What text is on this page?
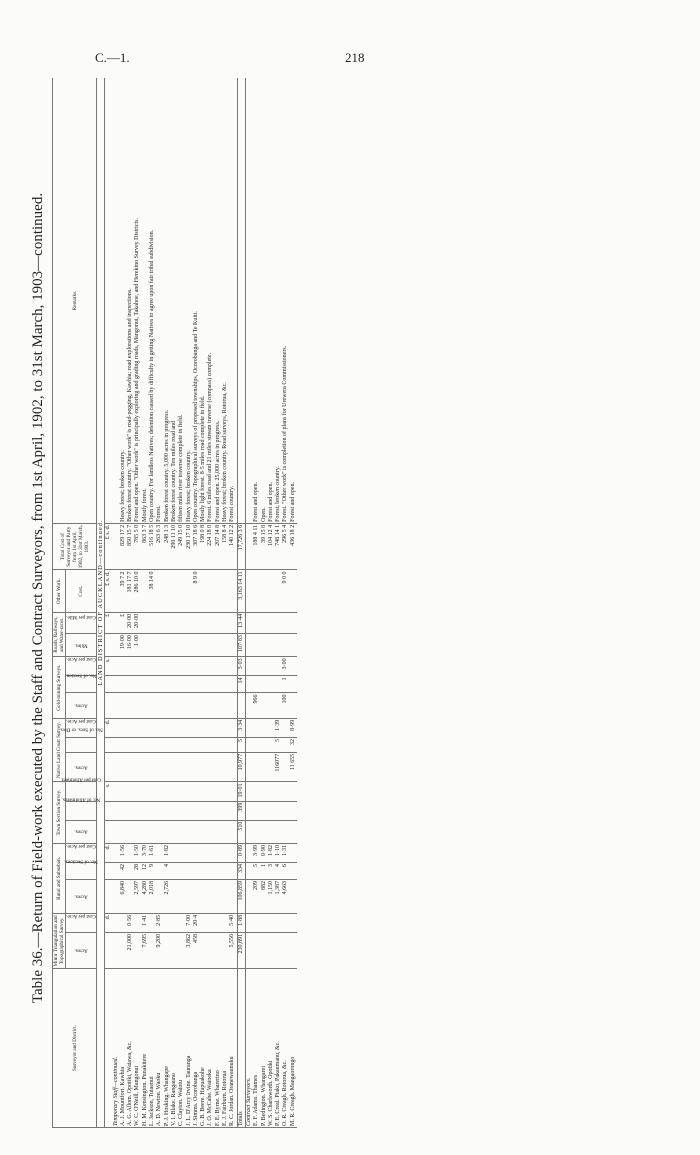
C.—1.	218
Table 36.—Return of Field-work executed by the Staff and Contract Surveyors, from 1st April, 1902, to 31st March, 1903—continued.
Surveyor and District.	Minor Triangulation and Topographical Survey.		Rural and Suburban.			Town Section Survey.			Native Land Court Survey.			Gold-mining Surveys.			Roads, Railways, and Water-races.		Other Work.	Total Cost of Surveyor and Party from 1st April, 1902, to 31st March, 1903.	Remarks.
	Acres.	Cost per Acre.	Acres.	No. of Sections.	Cost per Acre.	Acres.	No. of Allotments.	Cost per Allotment.	Acres.	No. of Secs. or Divs.	Cost per Acre.	Acres.	No. of Section.	Cost per Acre.	Miles.	Cost per Mile.	Cost.		
LAND DISTRICT OF AUCKLAND—continued.																			
		d.			d.			s.			d.			s.		£	£ s. d.	£ s. d.	
Temporary Staff—continued.																			
A. J. Mountfort. Kawhia			6,840	42	1·56										19·00	£	39 7 2	829 17 2	Heavy forest; broken country.
A. G. Allom. Opotiki, Waiawa, &c.	21,000	0·56													16·00	20·00	181 17 7	850 15 7	Broken forest country. "Other work" is road-pegging, Kawhia; road explorations and inspections.
W. C. O'Neill. Mangonui			2,597	28	1·50										1·00	20·00	286 10 0	785 5 0	Forest and open. "Other work" is principally exploring and grading roads, Mangonui, Takahoe, and Herekino Survey Districts.
H. M. Kensington. Punakitere	7,695	1·41	4,280	12	3·70													863 3 7	Mostly forest.
L. Jackson, Tutaenui			2,018	9	1·61												38 14 0	516 18 5	Open country. For landless Natives; detention caused by difficulty in getting Natives to agree upon fair tribal subdivision.
A. D. Newton. Waoku	9,200	2·85																263 6 3	Forest.
P. J. Hosking. Whangape			2,726	4	1·82													248 1 3	Broken forest country. 5,000 acres in progress.
V. I. Blake. Rangaunu																		290 11 10	Broken forest country. Ten miles road and
C. Clayton. Waiotu																		249 15 0	fifteen miles river traverse complete in field.
J. L. D'Arcy Irvine. Tauranga	3,862	7·00																230 17 10	Heavy forest; broken country.
J. Simms. Ocorobanga	458	20·4															8 9 0	307 18 6	Open country. Topographical surveys of proposed townships, Ocorobanga and Te Kuiti.
G. B. Beere. Hapuakohe																		198 0 8	Mostly light forest. 8·5 miles road complete in field.
J. O. McCabe. Waioeka																		224 18 0	Forest. 6 miles road and 21 miles stream traverse (compass) complete.
F. E. Byrne. Wharerino																		207 14 8	Forest and open. 25,000 acres in progress.
E. J. Fairburn. Rotorua																		158 8 4	Heavy forest; broken country. Road surveys, Rotorua, &c.
R. C. Jordan. Oranewaunuku	5,556	5·40																140 12 2	Forest country.
Totals	230,891	1·88	106,859	334	0·89	510	399	19·01	10,977	5	3·34		14	3·03	107·83	13·44	3,163 14 11	17,726 3 6	
Contract Surveyors.																			
E. F. Adams. Thames			209	5	3·99							966						188 4 11	Forest and open.
P. Bedington. Whangarei			882	1	0·90													39 15 8	Open.
W. S. Charlsworth. Opotiki			1,150	3	1·82													104 12 4	Forest and open.
P. E. Creal. Piako, Pakaumanu, &c.			1,387	4	1·10				116077	5	1·39							748 14 1	Forest; broken country.
O. R. Creagh. Rotorua, &c.			4,663	6	1·31							100	1	3·00			9 0 0	296 5 4	Forest. "Other work" is completion of plans for Urewera Commissioners.
M. R. Creagh. Mangaorongo									11 655	32	8·99							436 18 2	Forest and open.
